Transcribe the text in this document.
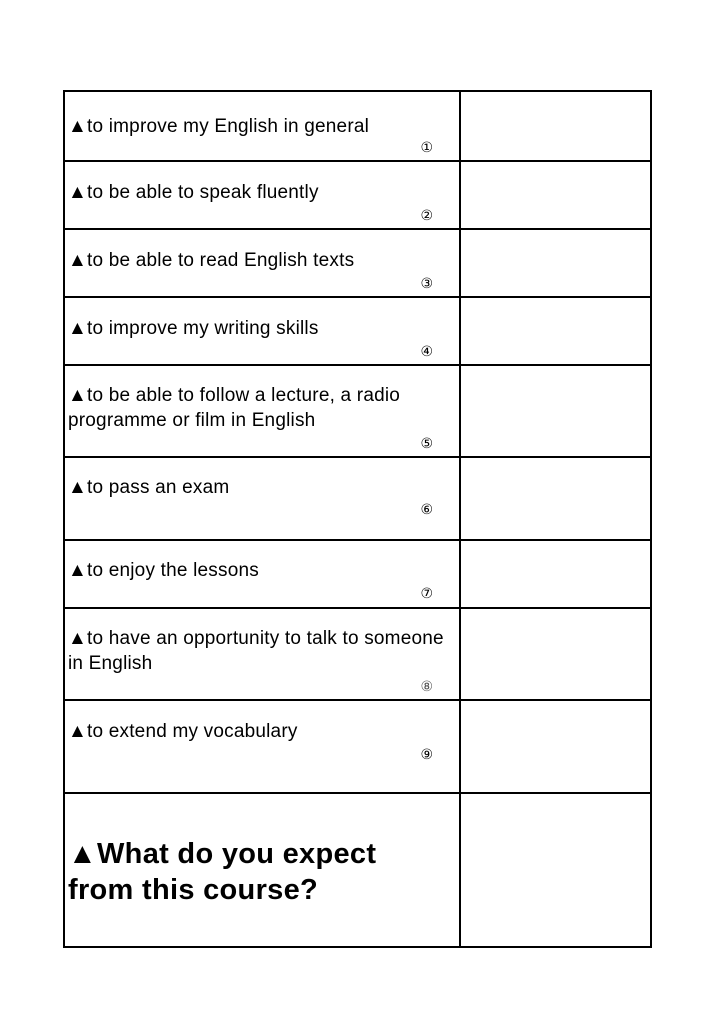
▲to improve my English in general
①
▲to be able to speak fluently
②
▲to be able to read English texts
③
▲to improve my writing skills
④
▲to be able to follow a lecture, a radio programme or film in English
⑤
▲to pass an exam
⑥
▲to enjoy the lessons
⑦
▲to have an opportunity to talk to someone in English
⑧
▲to extend my vocabulary
⑨
▲What do you expect from this course?
